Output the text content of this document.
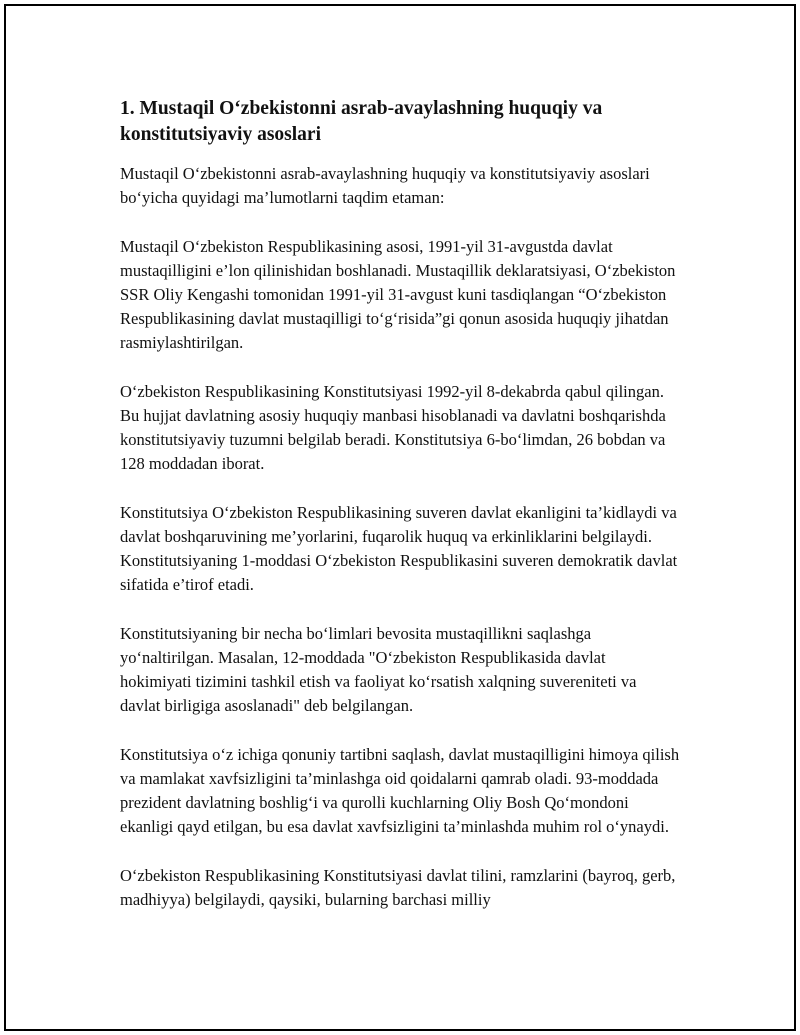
1. Mustaqil O‘zbekistonni asrab-avaylashning huquqiy va konstitutsiyaviy asoslari

Mustaqil O‘zbekistonni asrab-avaylashning huquqiy va konstitutsiyaviy asoslari bo‘yicha quyidagi ma’lumotlarni taqdim etaman:

Mustaqil O‘zbekiston Respublikasining asosi, 1991-yil 31-avgustda davlat mustaqilligini e’lon qilinishidan boshlanadi. Mustaqillik deklaratsiyasi, O‘zbekiston SSR Oliy Kengashi tomonidan 1991-yil 31-avgust kuni tasdiqlangan “O‘zbekiston Respublikasining davlat mustaqilligi to‘g‘risida”gi qonun asosida huquqiy jihatdan rasmiylashtirilgan.

O‘zbekiston Respublikasining Konstitutsiyasi 1992-yil 8-dekabrda qabul qilingan. Bu hujjat davlatning asosiy huquqiy manbasi hisoblanadi va davlatni boshqarishda konstitutsiyaviy tuzumni belgilab beradi. Konstitutsiya 6-bo‘limdan, 26 bobdan va 128 moddadan iborat.

Konstitutsiya O‘zbekiston Respublikasining suveren davlat ekanligini ta’kidlaydi va davlat boshqaruvining me’yorlarini, fuqarolik huquq va erkinliklarini belgilaydi. Konstitutsiyaning 1-moddasi O‘zbekiston Respublikasini suveren demokratik davlat sifatida e’tirof etadi.

Konstitutsiyaning bir necha bo‘limlari bevosita mustaqillikni saqlashga yo‘naltirilgan. Masalan, 12-moddada "O‘zbekiston Respublikasida davlat hokimiyati tizimini tashkil etish va faoliyat ko‘rsatish xalqning suvereniteti va davlat birligiga asoslanadi" deb belgilangan.

Konstitutsiya o‘z ichiga qonuniy tartibni saqlash, davlat mustaqilligini himoya qilish va mamlakat xavfsizligini ta’minlashga oid qoidalarni qamrab oladi. 93-moddada prezident davlatning boshlig‘i va qurolli kuchlarning Oliy Bosh Qo‘mondoni ekanligi qayd etilgan, bu esa davlat xavfsizligini ta’minlashda muhim rol o‘ynaydi.

O‘zbekiston Respublikasining Konstitutsiyasi davlat tilini, ramzlarini (bayroq, gerb, madhiyya) belgilaydi, qaysiki, bularning barchasi milliy
